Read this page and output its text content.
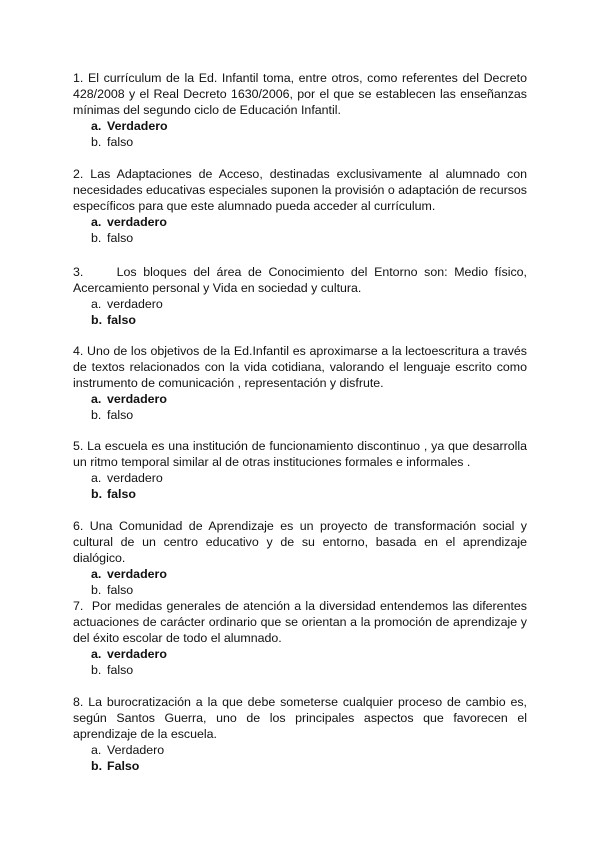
1. El currículum de la Ed. Infantil toma, entre otros, como referentes del Decreto 428/2008 y el Real Decreto 1630/2006, por el que se establecen las enseñanzas mínimas del segundo ciclo de Educación Infantil.

a. Verdadero
b. falso

2. Las Adaptaciones de Acceso, destinadas exclusivamente al alumnado con necesidades educativas especiales suponen la provisión o adaptación de recursos específicos para que este alumnado pueda acceder al currículum.

a. verdadero
b. falso

3.     Los bloques del área de Conocimiento del Entorno son: Medio físico, Acercamiento personal y Vida en sociedad y cultura.

a. verdadero
b. falso

4. Uno de los objetivos de la Ed.Infantil es aproximarse a la lectoescritura a través de textos relacionados con la vida cotidiana, valorando el lenguaje escrito como instrumento de comunicación , representación y disfrute.

a. verdadero
b. falso

5. La escuela es una institución de funcionamiento discontinuo , ya que desarrolla un ritmo temporal similar al de otras instituciones formales e informales .

a. verdadero
b. falso

6. Una Comunidad de Aprendizaje es un proyecto de transformación social y cultural de un centro educativo y de su entorno, basada en el aprendizaje dialógico.

a. verdadero
b. falso

7.  Por medidas generales de atención a la diversidad entendemos las diferentes actuaciones de carácter ordinario que se orientan a la promoción de aprendizaje y del éxito escolar de todo el alumnado.

a. verdadero
b. falso

8. La burocratización a la que debe someterse cualquier proceso de cambio es, según Santos Guerra, uno de los principales aspectos que favorecen el aprendizaje de la escuela.

a. Verdadero
b. Falso
